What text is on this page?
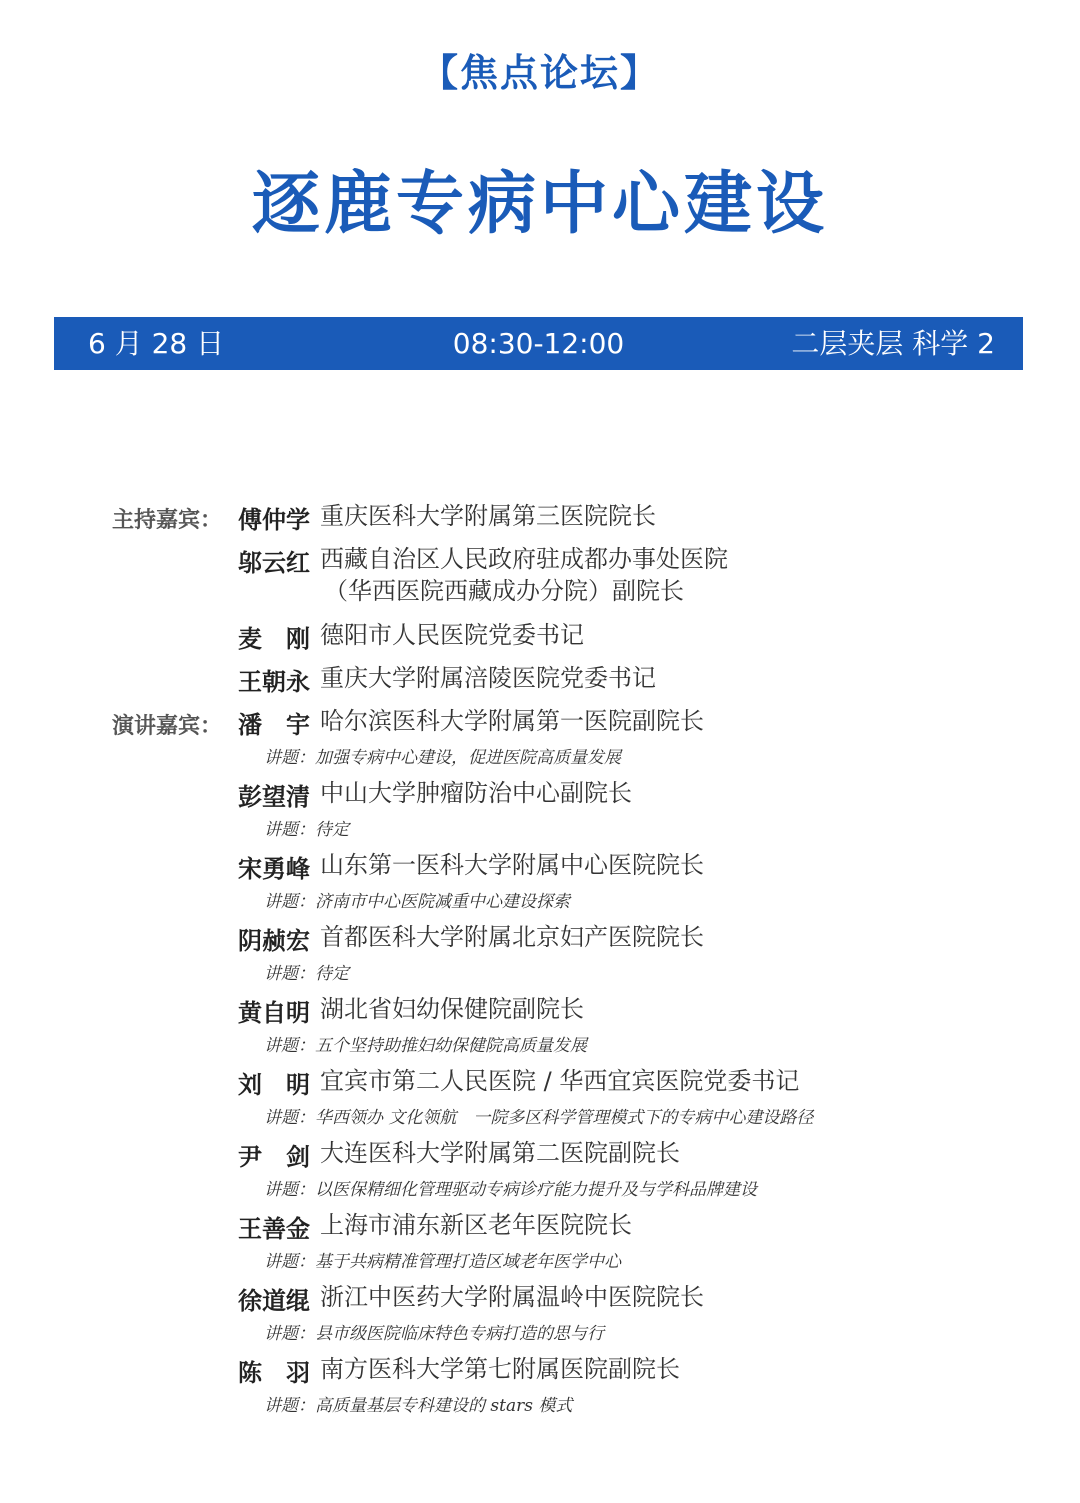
【焦点论坛】
逐鹿专病中心建设
6 月 28 日	08:30-12:00	二层夹层 科学 2
主持嘉宾： 傅仲学 重庆医科大学附属第三医院院长
邬云红 西藏自治区人民政府驻成都办事处医院
（华西医院西藏成办分院）副院长
麦　刚 德阳市人民医院党委书记
王朝永 重庆大学附属涪陵医院党委书记
演讲嘉宾： 潘　宇 哈尔滨医科大学附属第一医院副院长
讲题：加强专病中心建设，促进医院高质量发展
彭望清 中山大学肿瘤防治中心副院长
讲题：待定
宋勇峰 山东第一医科大学附属中心医院院长
讲题：济南市中心医院减重中心建设探索
阴赪宏 首都医科大学附属北京妇产医院院长
讲题：待定
黄自明 湖北省妇幼保健院副院长
讲题：五个坚持助推妇幼保健院高质量发展
刘　明 宜宾市第二人民医院 / 华西宜宾医院党委书记
讲题：华西领办 文化领航　一院多区科学管理模式下的专病中心建设路径
尹　剑 大连医科大学附属第二医院副院长
讲题：以医保精细化管理驱动专病诊疗能力提升及与学科品牌建设
王善金 上海市浦东新区老年医院院长
讲题：基于共病精准管理打造区域老年医学中心
徐道绲 浙江中医药大学附属温岭中医院院长
讲题：县市级医院临床特色专病打造的思与行
陈　羽 南方医科大学第七附属医院副院长
讲题：高质量基层专科建设的 stars 模式
